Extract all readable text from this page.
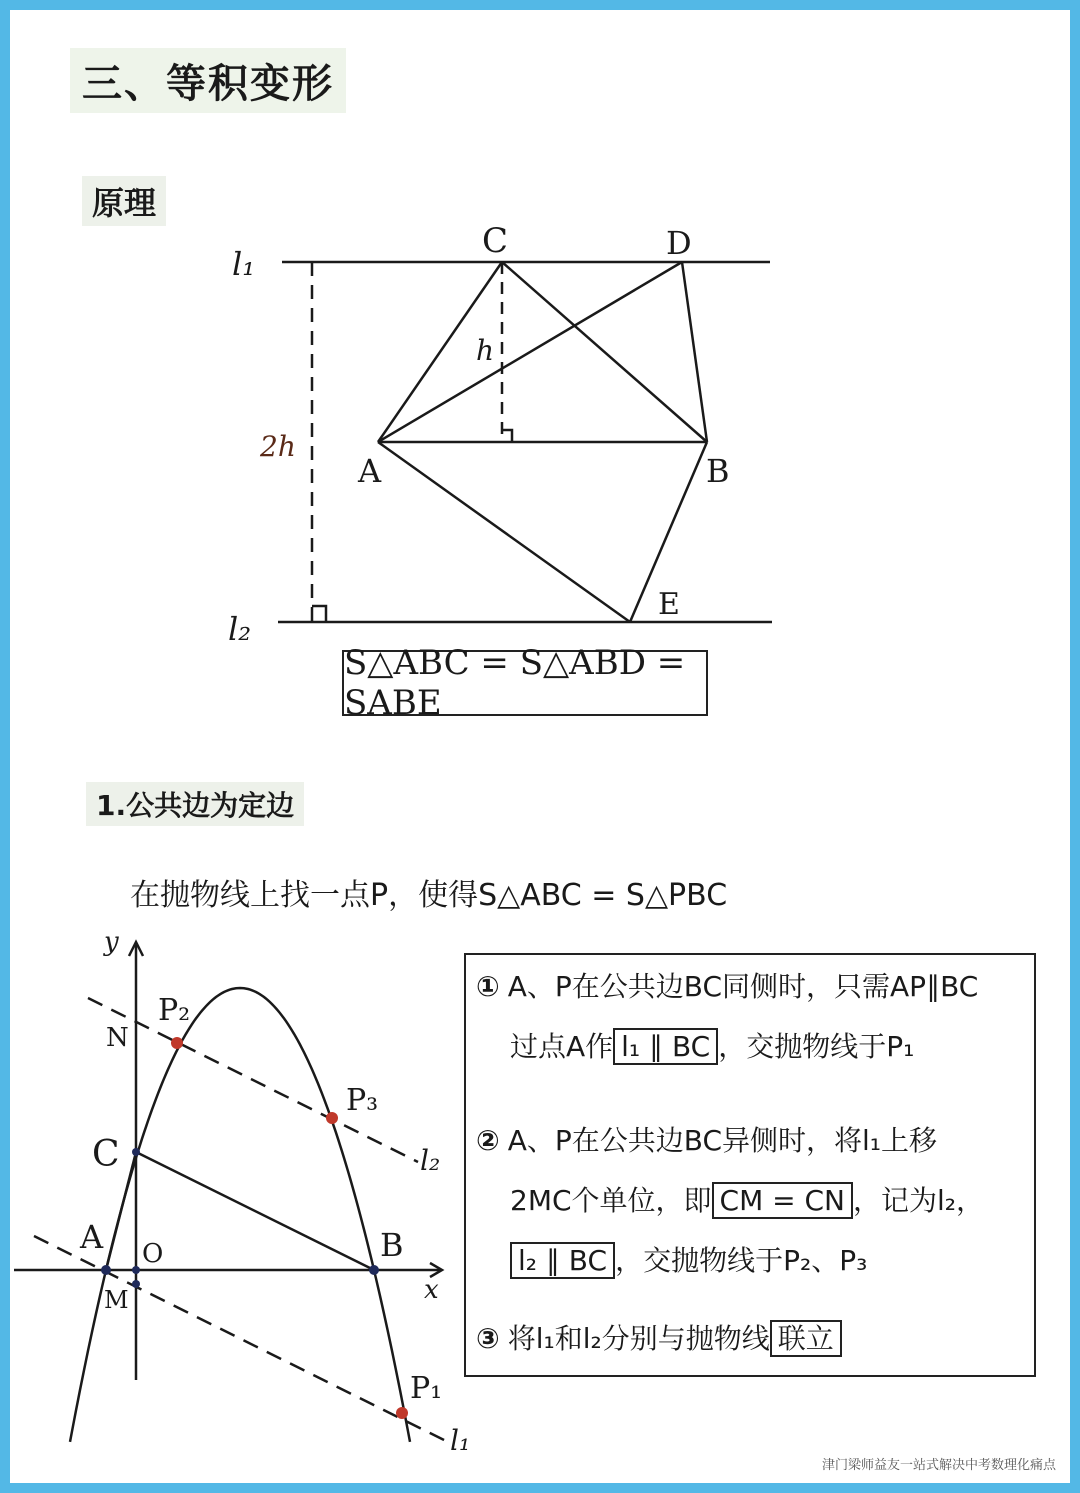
三、等积变形
原理
l₁
l₂
C	D
A	B
E
h
2h
y
x
O
A	B
C
N
M
P₂
P₃
P₁
l₂
l₁
S△ABC = S△ABD = SABE
1.公共边为定边
在抛物线上找一点P，使得S△ABC = S△PBC
① A、P在公共边BC同侧时，只需AP∥BC
过点A作 l₁ ∥ BC ，交抛物线于P₁
② A、P在公共边BC异侧时，将l₁上移
2MC个单位，即 CM = CN ，记为l₂，
l₂ ∥ BC ，交抛物线于P₂、P₃
③ 将l₁和l₂分别与抛物线 联立
津门梁师益友一站式解决中考数理化痛点
